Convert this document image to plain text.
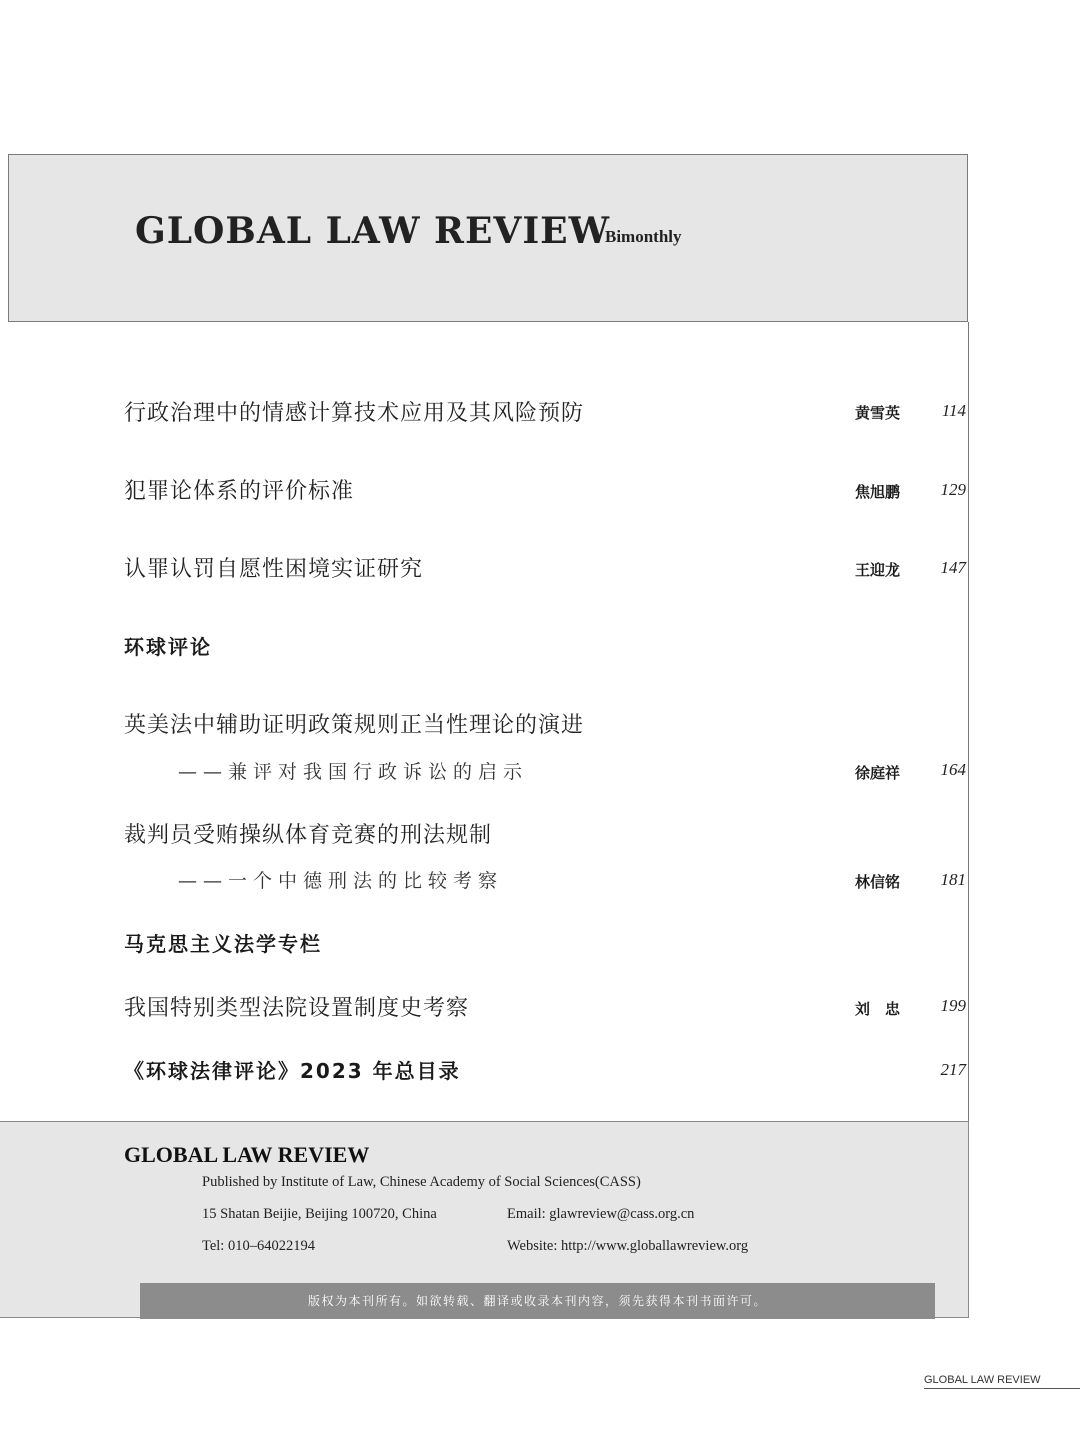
GLOBAL LAW REVIEW
Bimonthly
行政治理中的情感计算技术应用及其风险预防	黄雪英 114
犯罪论体系的评价标准	焦旭鹏 129
认罪认罚自愿性困境实证研究	王迎龙 147
环球评论
英美法中辅助证明政策规则正当性理论的演进
——兼评对我国行政诉讼的启示	徐庭祥 164
裁判员受贿操纵体育竞赛的刑法规制
——一个中德刑法的比较考察	林信铭 181
马克思主义法学专栏
我国特别类型法院设置制度史考察	刘　忠 199
《环球法律评论》2023 年总目录	217
GLOBAL LAW REVIEW
Published by Institute of Law, Chinese Academy of Social Sciences(CASS)
15 Shatan Beijie, Beijing 100720, China	Email: glawreview@cass.org.cn
Tel: 010–64022194	Website: http://www.globallawreview.org
版权为本刊所有。如欲转载、翻译或收录本刊内容，须先获得本刊书面许可。
GLOBAL LAW REVIEW
